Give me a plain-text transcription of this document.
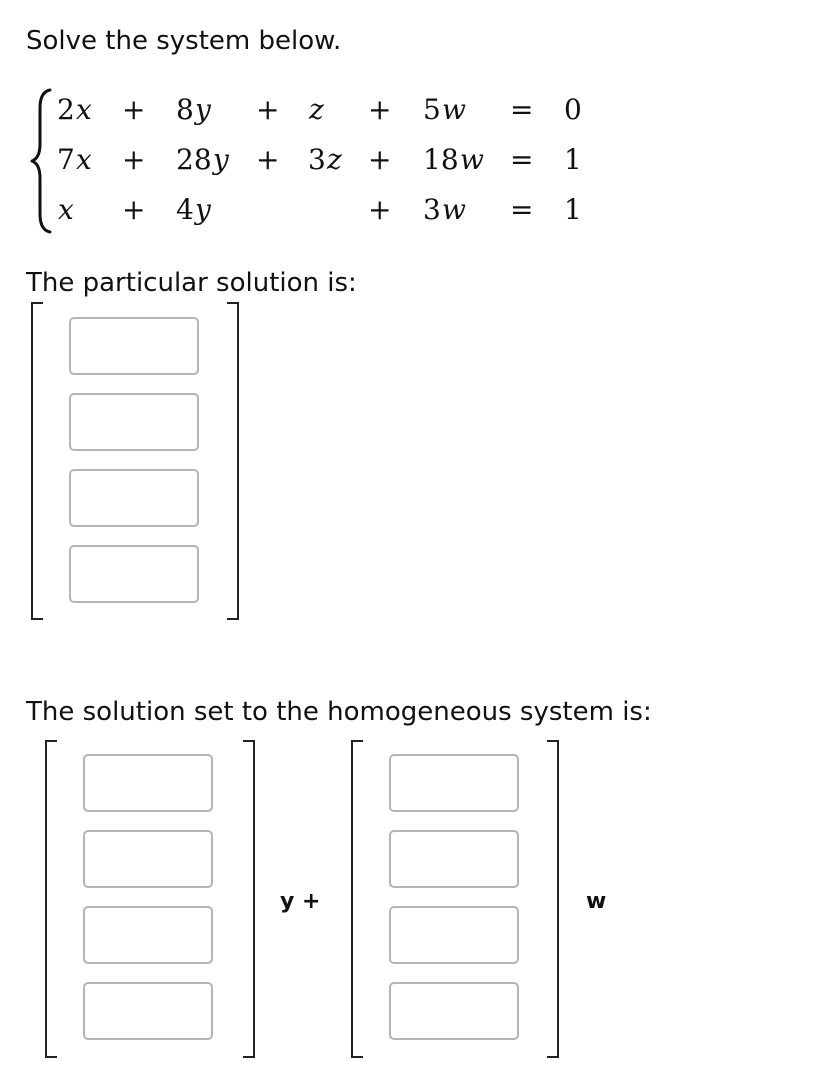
Solve the system below.
2 x + 8 y + z + 5 w = 0
7 x + 28 y + 3 z + 18 w = 1
x + 4 y	+ 3 w = 1
The particular solution is:
The solution set to the homogeneous system is:
y +	w
